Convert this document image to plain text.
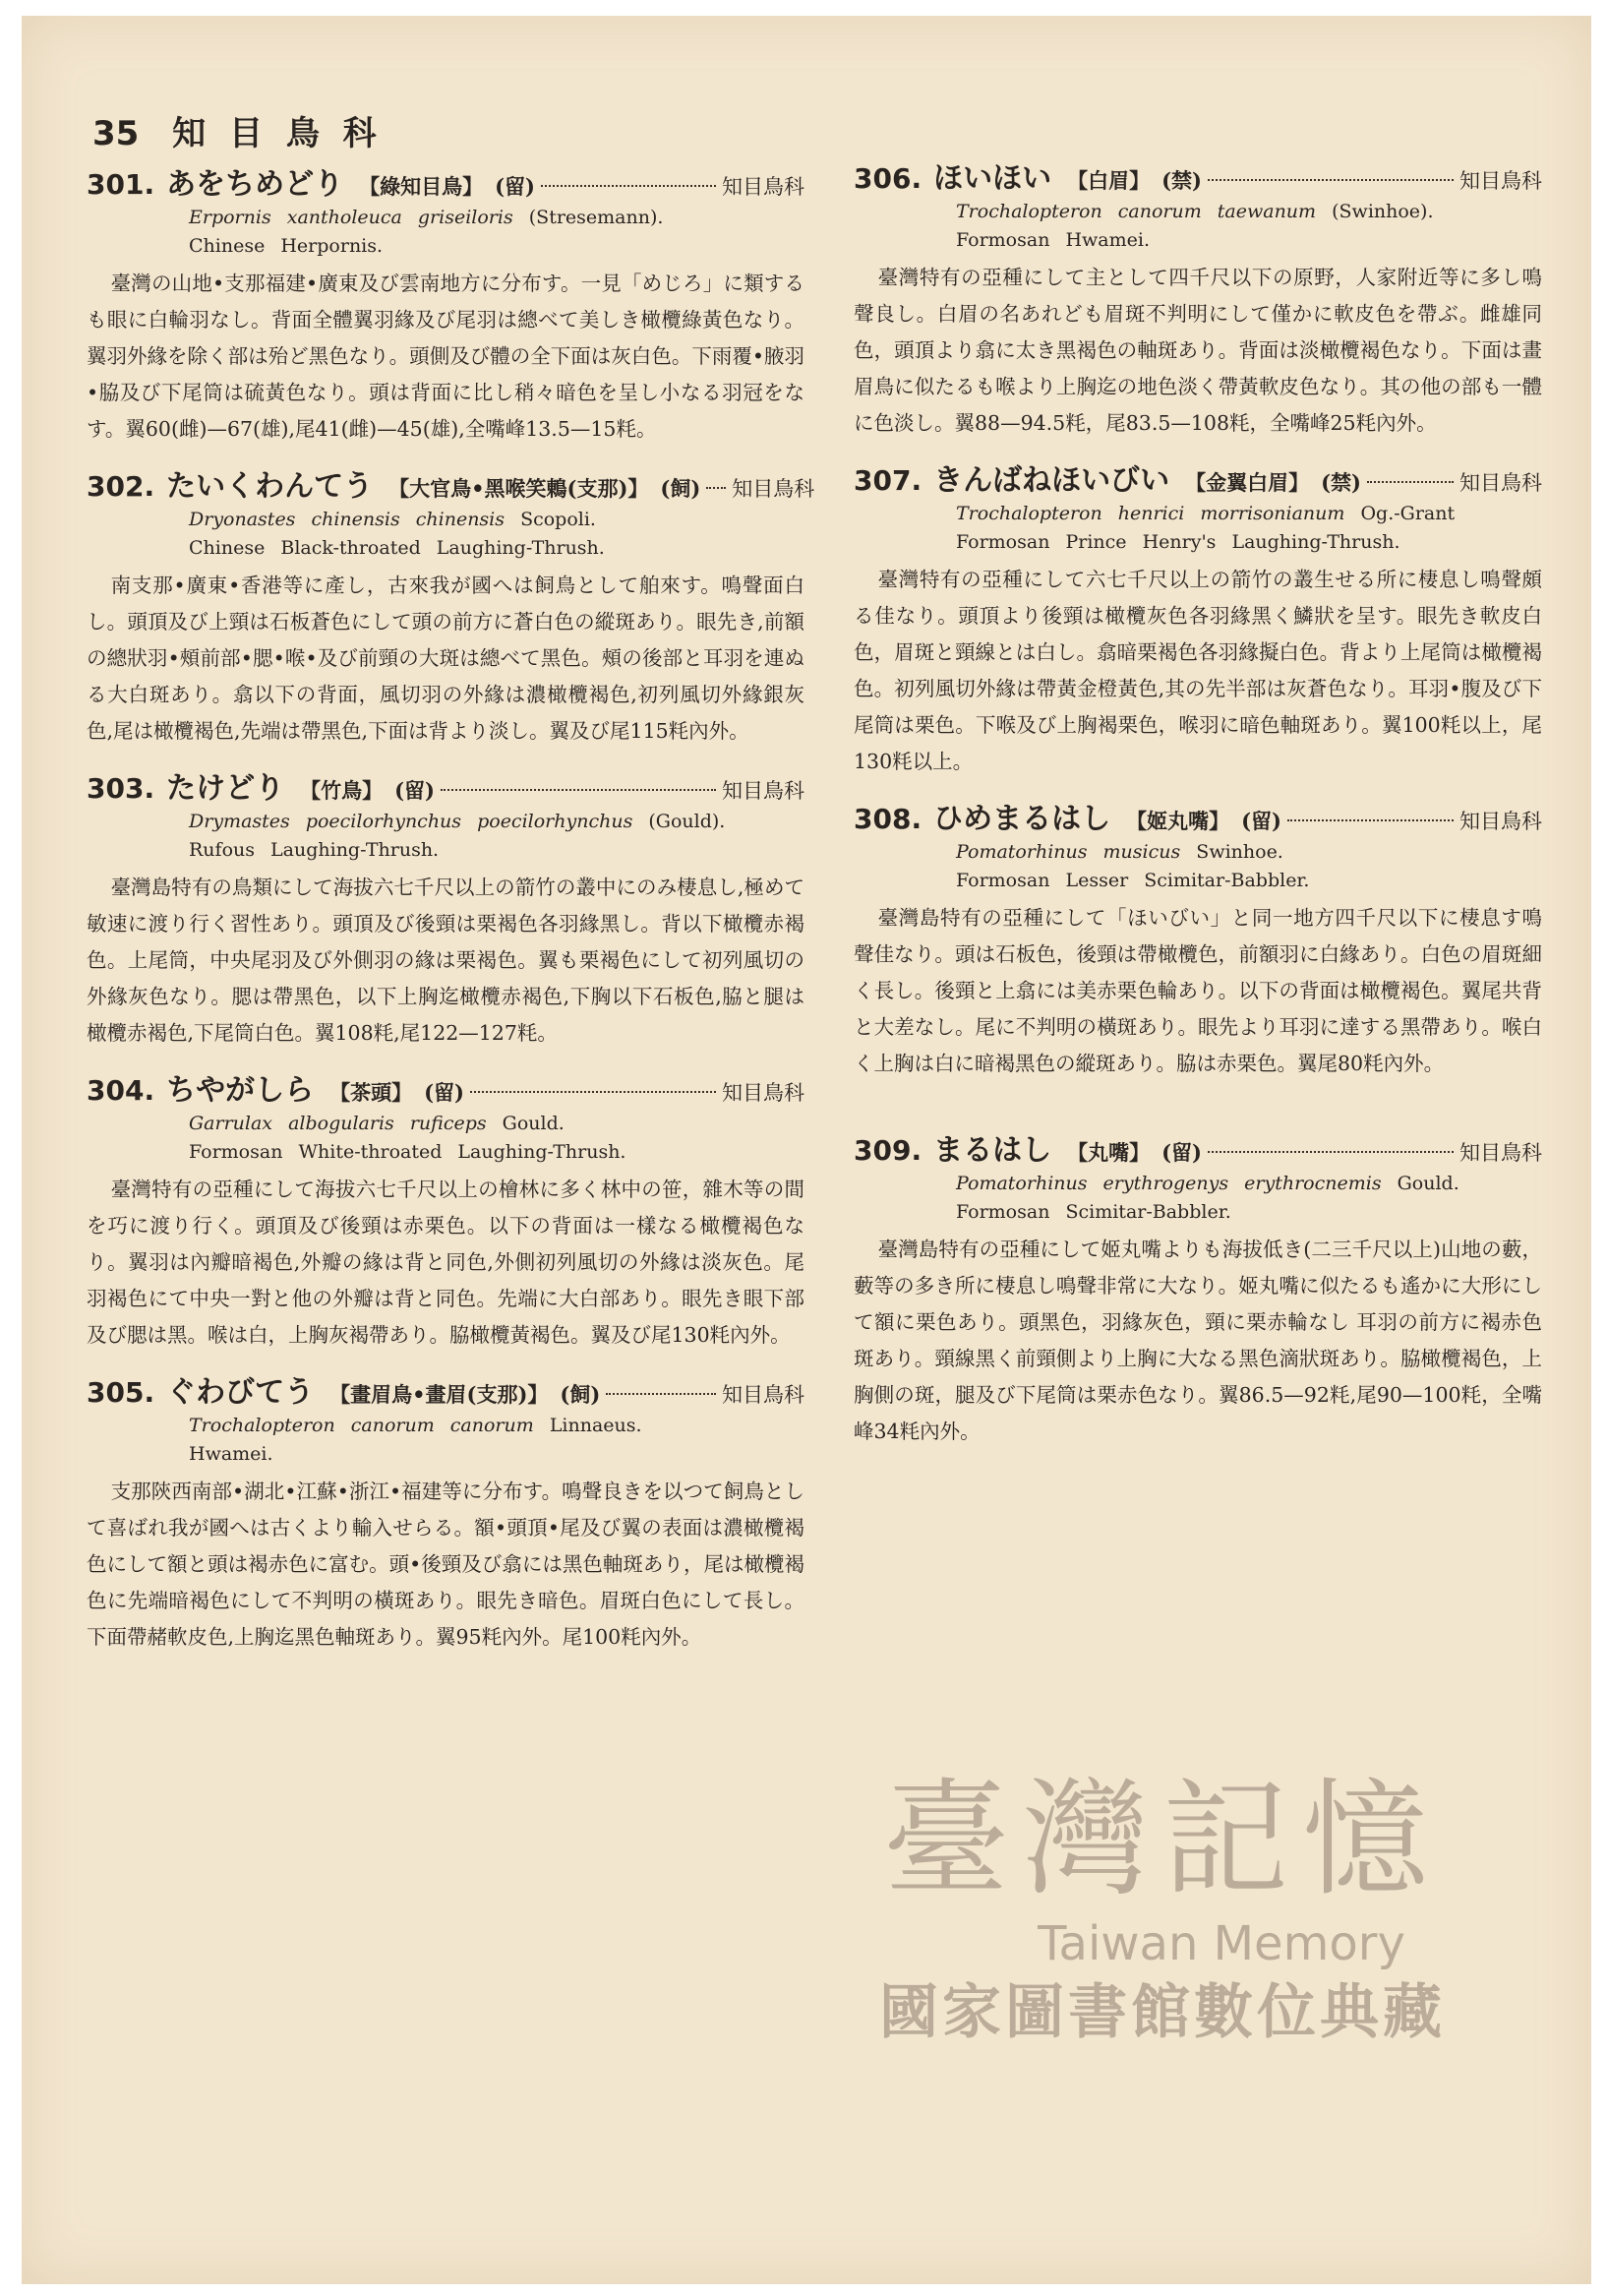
35 知 目 鳥 科
301. あをちめどり 【綠知目鳥】 (留)	知目鳥科
Erpornis xantholeuca griseiloris (Stresemann).
Chinese Herpornis.
臺灣の山地•支那福建•廣東及び雲南地方に分布す。一見「めじろ」に類するも眼に白輪羽なし。背面全體翼羽緣及び尾羽は總べて美しき橄欖綠黃色なり。翼羽外緣を除く部は殆ど黑色なり。頭側及び體の全下面は灰白色。下雨覆•腋羽•脇及び下尾筒は硫黃色なり。頭は背面に比し稍々暗色を呈し小なる羽冠をなす。翼60(雌)—67(雄),尾41(雌)—45(雄),全嘴峰13.5—15粍。
302. たいくわんてう 【大官鳥•黑喉笑鶇(支那)】 (飼) 知目鳥科
Dryonastes chinensis chinensis Scopoli.
Chinese Black-throated Laughing-Thrush.
南支那•廣東•香港等に產し，古來我が國へは飼鳥として舶來す。鳴聲面白し。頭頂及び上頸は石板蒼色にして頭の前方に蒼白色の縱斑あり。眼先き,前額の總狀羽•頰前部•腮•喉•及び前頸の大斑は總べて黑色。頰の後部と耳羽を連ぬる大白斑あり。翕以下の背面，風切羽の外緣は濃橄欖褐色,初列風切外緣銀灰色,尾は橄欖褐色,先端は帶黑色,下面は背より淡し。翼及び尾115粍內外。
303. たけどり 【竹鳥】 (留)	知目鳥科
Drymastes poecilorhynchus poecilorhynchus (Gould).
Rufous Laughing-Thrush.
臺灣島特有の鳥類にして海拔六七千尺以上の箭竹の叢中にのみ棲息し,極めて敏速に渡り行く習性あり。頭頂及び後頸は栗褐色各羽緣黑し。背以下橄欖赤褐色。上尾筒，中央尾羽及び外側羽の緣は栗褐色。翼も栗褐色にして初列風切の外緣灰色なり。腮は帶黑色，以下上胸迄橄欖赤褐色,下胸以下石板色,脇と腿は橄欖赤褐色,下尾筒白色。翼108粍,尾122—127粍。
304. ちやがしら 【茶頭】 (留)	知目鳥科
Garrulax albogularis ruficeps Gould.
Formosan White-throated Laughing-Thrush.
臺灣特有の亞種にして海拔六七千尺以上の檜林に多く林中の笹，雜木等の間を巧に渡り行く。頭頂及び後頸は赤栗色。以下の背面は一樣なる橄欖褐色なり。翼羽は內瓣暗褐色,外瓣の緣は背と同色,外側初列風切の外緣は淡灰色。尾羽褐色にて中央一對と他の外瓣は背と同色。先端に大白部あり。眼先き眼下部及び腮は黑。喉は白，上胸灰褐帶あり。脇橄欖黃褐色。翼及び尾130粍內外。
305. ぐわびてう 【畫眉鳥•畫眉(支那)】 (飼)	知目鳥科
Trochalopteron canorum canorum Linnaeus.
Hwamei.
支那陝西南部•湖北•江蘇•浙江•福建等に分布す。鳴聲良きを以つて飼鳥として喜ばれ我が國へは古くより輸入せらる。額•頭頂•尾及び翼の表面は濃橄欖褐色にして額と頭は褐赤色に富む。頭•後頸及び翕には黑色軸斑あり，尾は橄欖褐色に先端暗褐色にして不判明の橫斑あり。眼先き暗色。眉斑白色にして長し。下面帶赭軟皮色,上胸迄黑色軸斑あり。翼95粍內外。尾100粍內外。
306. ほいほい 【白眉】 (禁)	知目鳥科
Trochalopteron canorum taewanum (Swinhoe).
Formosan Hwamei.
臺灣特有の亞種にして主として四千尺以下の原野，人家附近等に多し鳴聲良し。白眉の名あれども眉斑不判明にして僅かに軟皮色を帶ぶ。雌雄同色，頭頂より翕に太き黑褐色の軸斑あり。背面は淡橄欖褐色なり。下面は畫眉鳥に似たるも喉より上胸迄の地色淡く帶黃軟皮色なり。其の他の部も一體に色淡し。翼88—94.5粍，尾83.5—108粍，全嘴峰25粍內外。
307. きんばねほいびい 【金翼白眉】 (禁)	知目鳥科
Trochalopteron henrici morrisonianum Og.-Grant
Formosan Prince Henry's Laughing-Thrush.
臺灣特有の亞種にして六七千尺以上の箭竹の叢生せる所に棲息し鳴聲頗る佳なり。頭頂より後頸は橄欖灰色各羽緣黑く鱗狀を呈す。眼先き軟皮白色，眉斑と頸線とは白し。翕暗栗褐色各羽緣擬白色。背より上尾筒は橄欖褐色。初列風切外緣は帶黃金橙黃色,其の先半部は灰蒼色なり。耳羽•腹及び下尾筒は栗色。下喉及び上胸褐栗色，喉羽に暗色軸斑あり。翼100粍以上，尾130粍以上。
308. ひめまるはし 【姬丸嘴】 (留)	知目鳥科
Pomatorhinus musicus Swinhoe.
Formosan Lesser Scimitar-Babbler.
臺灣島特有の亞種にして「ほいびい」と同一地方四千尺以下に棲息す鳴聲佳なり。頭は石板色，後頸は帶橄欖色，前額羽に白緣あり。白色の眉斑細く長し。後頸と上翕には美赤栗色輪あり。以下の背面は橄欖褐色。翼尾共背と大差なし。尾に不判明の橫斑あり。眼先より耳羽に達する黑帶あり。喉白く上胸は白に暗褐黑色の縱斑あり。脇は赤栗色。翼尾80粍內外。
309. まるはし 【丸嘴】 (留)	知目鳥科
Pomatorhinus erythrogenys erythrocnemis Gould.
Formosan Scimitar-Babbler.
臺灣島特有の亞種にして姬丸嘴よりも海拔低き(二三千尺以上)山地の藪，藪等の多き所に棲息し鳴聲非常に大なり。姬丸嘴に似たるも遙かに大形にして額に栗色あり。頭黑色，羽緣灰色，頸に栗赤輪なし 耳羽の前方に褐赤色斑あり。頸線黑く前頸側より上胸に大なる黑色滴狀斑あり。脇橄欖褐色，上胸側の斑，腿及び下尾筒は栗赤色なり。翼86.5—92粍,尾90—100粍，全嘴峰34粍內外。
臺灣記憶
Taiwan Memory
國家圖書館數位典藏
